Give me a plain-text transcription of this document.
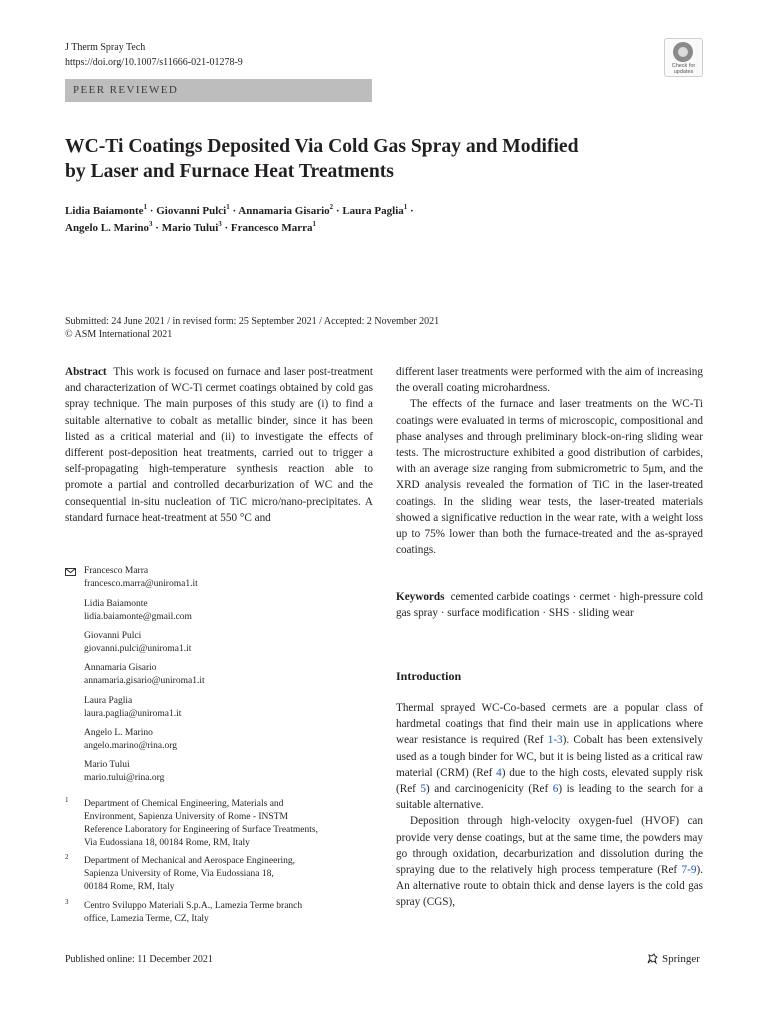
J Therm Spray Tech
https://doi.org/10.1007/s11666-021-01278-9	Check for
updates
PEER REVIEWED
WC-Ti Coatings Deposited Via Cold Gas Spray and Modified
by Laser and Furnace Heat Treatments
Lidia Baiamonte$^1$ · Giovanni Pulci$^1$ · Annamaria Gisario$^2$ · Laura Paglia$^1$ ·
Angelo L. Marino$^3$ · Mario Tului$^3$ · Francesco Marra$^1$
Submitted: 24 June 2021 / in revised form: 25 September 2021 / Accepted: 2 November 2021
© ASM International 2021
Abstract This work is focused on furnace and laser post-treatment and characterization of WC-Ti cermet coatings obtained by cold gas spray technique. The main purposes of this study are (i) to find a suitable alternative to cobalt as metallic binder, since it has been listed as a critical material and (ii) to investigate the effects of different post-deposition heat treatments, carried out to trigger a self-propagating high-temperature synthesis reaction able to promote a partial and controlled decarburization of WC and the consequential in-situ nucleation of TiC micro/nano-precipitates. A standard furnace heat-treatment at 550 °C and
Francesco Marra
francesco.marra@uniroma1.it
Lidia Baiamonte
lidia.baiamonte@gmail.com
Giovanni Pulci
giovanni.pulci@uniroma1.it
Annamaria Gisario
annamaria.gisario@uniroma1.it
Laura Paglia
laura.paglia@uniroma1.it
Angelo L. Marino
angelo.marino@rina.org
Mario Tului
mario.tului@rina.org
1 Department of Chemical Engineering, Materials and
Environment, Sapienza University of Rome - INSTM
Reference Laboratory for Engineering of Surface Treatments,
Via Eudossiana 18, 00184 Rome, RM, Italy
2 Department of Mechanical and Aerospace Engineering,
Sapienza University of Rome, Via Eudossiana 18,
00184 Rome, RM, Italy
3 Centro Sviluppo Materiali S.p.A., Lamezia Terme branch
office, Lamezia Terme, CZ, Italy
different laser treatments were performed with the aim of increasing the overall coating microhardness.
The effects of the furnace and laser treatments on the WC-Ti coatings were evaluated in terms of microscopic, compositional and phase analyses and through preliminary block-on-ring sliding wear tests. The microstructure exhibited a good distribution of carbides, with an average size ranging from submicrometric to 5μm, and the XRD analysis revealed the formation of TiC in the laser-treated coatings. In the sliding wear tests, the laser-treated materials showed a significative reduction in the wear rate, with a weight loss up to 75% lower than both the furnace-treated and the as-sprayed coatings.
Keywords cemented carbide coatings · cermet · high-pressure cold gas spray · surface modification · SHS · sliding wear
Introduction
Thermal sprayed WC-Co-based cermets are a popular class of hardmetal coatings that find their main use in applications where wear resistance is required (Ref 1-3). Cobalt has been extensively used as a tough binder for WC, but it is being listed as a critical raw material (CRM) (Ref 4) due to the high costs, elevated supply risk (Ref 5) and carcinogenicity (Ref 6) is leading to the search for a suitable alternative.
Deposition through high-velocity oxygen-fuel (HVOF) can provide very dense coatings, but at the same time, the powders may go through oxidation, decarburization and dissolution during the spraying due to the relatively high process temperature (Ref 7-9). An alternative route to obtain thick and dense layers is the cold gas spray (CGS),
Published online: 11 December 2021	Springer
